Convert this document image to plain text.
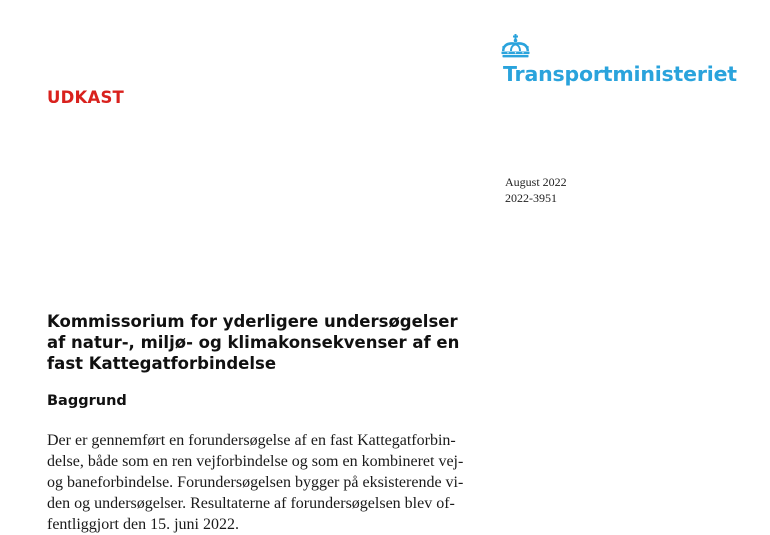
Transportministeriet
UDKAST
August 2022
2022-3951
Kommissorium for yderligere undersøgelser
af natur-, miljø- og klimakonsekvenser af en
fast Kattegatforbindelse
Baggrund
Der er gennemført en forundersøgelse af en fast Kattegatforbin-
delse, både som en ren vejforbindelse og som en kombineret vej-
og baneforbindelse. Forundersøgelsen bygger på eksisterende vi-
den og undersøgelser. Resultaterne af forundersøgelsen blev of-
fentliggjort den 15. juni 2022.
